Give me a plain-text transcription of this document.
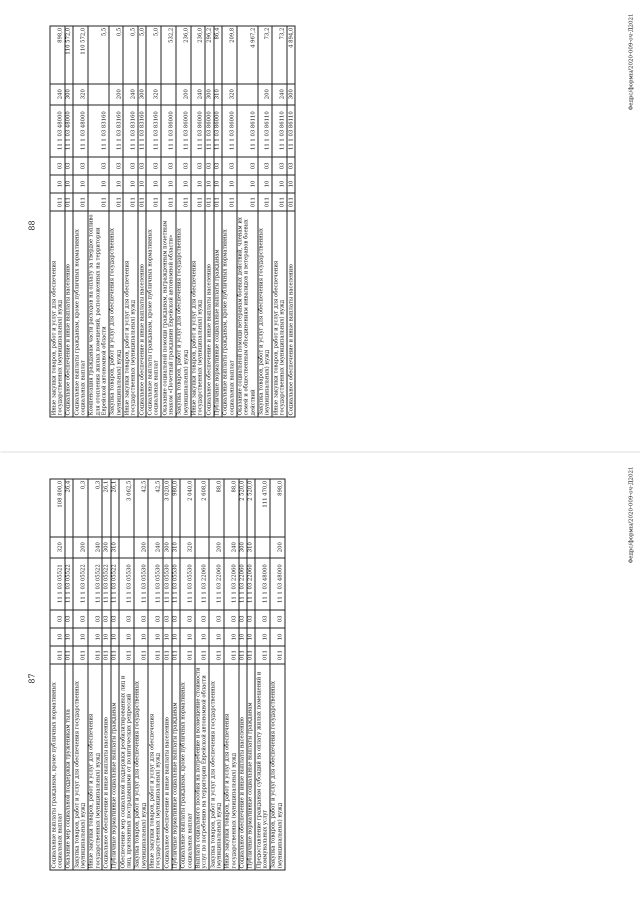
87
Социальные выплаты гражданам, кроме публичных нормативных социальных выплат	011	10	03	11 1 03 05521	320	108 800,0
Оказание мер социальной поддержки труженикам тыла	011	10	03	11 1 03 05522		26,4
Закупка товаров, работ и услуг для обеспечения государственных (муниципальных) нужд	011	10	03	11 1 03 05522	200	0,3
Иные закупки товаров, работ и услуг для обеспечения государственных (муниципальных) нужд	011	10	03	11 1 03 05522	240	0,3
Социальное обеспечение и иные выплаты населению	011	10	03	11 1 03 05522	300	26,1
Публичные нормативные социальные выплаты гражданам	011	10	03	11 1 03 05522	310	26,1
Обеспечение мер социальной поддержки реабилитированных лиц и лиц, признанных пострадавшими от политических репрессий	011	10	03	11 1 03 05530		3 062,5
Закупка товаров, работ и услуг для обеспечения государственных (муниципальных) нужд	011	10	03	11 1 03 05530	200	42,5
Иные закупки товаров, работ и услуг для обеспечения государственных (муниципальных) нужд	011	10	03	11 1 03 05530	240	42,5
Социальное обеспечение и иные выплаты населению	011	10	03	11 1 03 05530	300	3 020,0
Публичные нормативные социальные выплаты гражданам	011	10	03	11 1 03 05530	310	980,0
Социальные выплаты гражданам, кроме публичных нормативных социальных выплат	011	10	03	11 1 03 05530	320	2 040,0
Выплата социального пособия на погребение и возмещение стоимости услуг по погребению на территории Еврейской автономной области	011	10	03	11 1 03 22060		2 608,0
Закупка товаров, работ и услуг для обеспечения государственных (муниципальных) нужд	011	10	03	11 1 03 22060	200	88,0
Иные закупки товаров, работ и услуг для обеспечения государственных (муниципальных) нужд	011	10	03	11 1 03 22060	240	88,0
Социальное обеспечение и иные выплаты населению	011	10	03	11 1 03 22060	300	2 520,0
Публичные нормативные социальные выплаты гражданам	011	10	03	11 1 03 22060	310	2 520,0
Предоставление гражданам субсидий на оплату жилых помещений и коммунальных услуг	011	10	03	11 1 03 48000		111 470,0
Закупка товаров, работ и услуг для обеспечения государственных (муниципальных) нужд	011	10	03	11 1 03 48000	200	898,0	Федрс/формы/2020-009-оч-Д2021
88
Иные закупки товаров, работ и услуг для обеспечения государственных (муниципальных) нужд	011	10	03	11 1 03 48000	240	898,0
Социальное обеспечение и иные выплаты населению	011	10	03	11 1 03 48000	300	110 572,0
Социальные выплаты гражданам, кроме публичных нормативных социальных выплат	011	10	03	11 1 03 48000	320	110 572,0
Компенсация гражданам части расходов на оплату за твердое топливо для отопления жилых помещений, расположенных на территории Еврейской автономной области	011	10	03	11 1 03 83160		5,5
Закупка товаров, работ и услуг для обеспечения государственных (муниципальных) нужд	011	10	03	11 1 03 83160	200	0,5
Иные закупки товаров, работ и услуг для обеспечения государственных (муниципальных) нужд	011	10	03	11 1 03 83160	240	0,5
Социальное обеспечение и иные выплаты населению	011	10	03	11 1 03 83160	300	5,0
Социальные выплаты гражданам, кроме публичных нормативных социальных выплат	011	10	03	11 1 03 83160	320	5,0
Оказание социальной помощи гражданам, награжденным почетным знаком «Почетный гражданин Еврейской автономной области»	011	10	03	11 1 03 86000		532,2
Закупка товаров, работ и услуг для обеспечения государственных (муниципальных) нужд	011	10	03	11 1 03 86000	200	236,0
Иные закупки товаров, работ и услуг для обеспечения государственных (муниципальных) нужд	011	10	03	11 1 03 86000	240	236,0
Социальное обеспечение и иные выплаты населению	011	10	03	11 1 03 86000	300	296,2
Публичные нормативные социальные выплаты гражданам	011	10	03	11 1 03 86000	310	86,4
Социальные выплаты гражданам, кроме публичных нормативных социальных выплат	011	10	03	11 1 03 86000	320	209,8
Оказание социальной помощи ветеранам боевых действий, членам их семей и общественным объединениям инвалидов и ветеранов боевых действий	011	10	03	11 1 03 86110		4 967,2
Закупка товаров, работ и услуг для обеспечения государственных (муниципальных) нужд	011	10	03	11 1 03 86110	200	73,2
Иные закупки товаров, работ и услуг для обеспечения государственных (муниципальных) нужд	011	10	03	11 1 03 86110	240	73,2
Социальное обеспечение и иные выплаты населению	011	10	03	11 1 03 86110	300	4 894,0	Федрс/формы/2020-009-оч-Д2021
